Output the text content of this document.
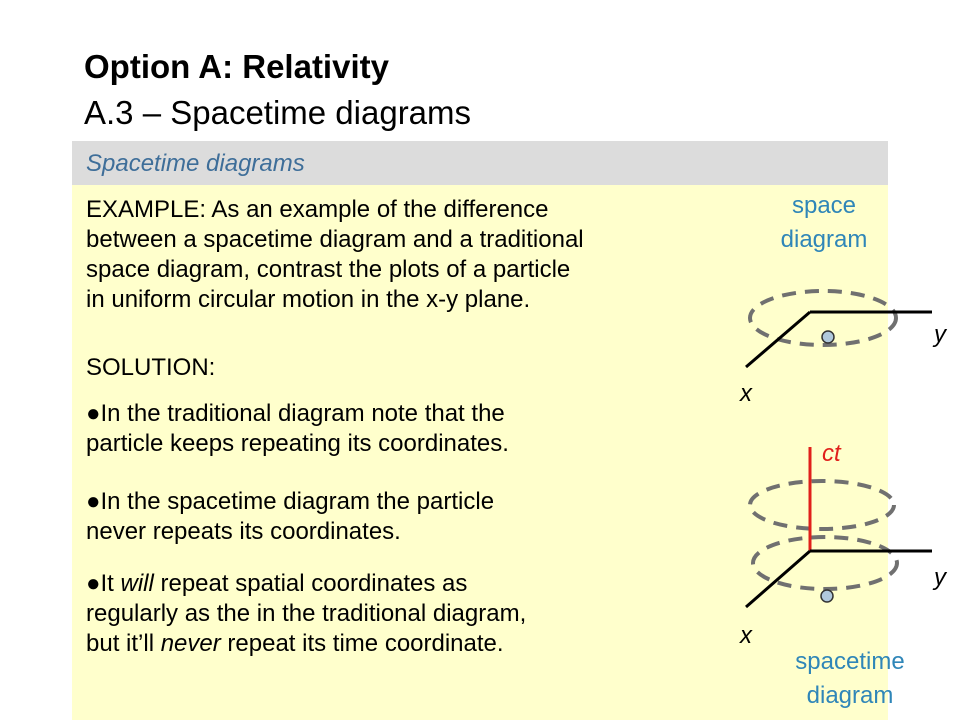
Option A: Relativity
A.3 – Spacetime diagrams
Spacetime diagrams
EXAMPLE: As an example of the difference
between a spacetime diagram and a traditional
space diagram, contrast the plots of a particle
in uniform circular motion in the x-y plane.
SOLUTION:
●In the traditional diagram note that the
particle keeps repeating its coordinates.
●In the spacetime diagram the particle
never repeats its coordinates.
●It will repeat spatial coordinates as
regularly as the in the traditional diagram,
but it’ll never repeat its time coordinate.
space
diagram
y
x
ct
y
x
spacetime
diagram
